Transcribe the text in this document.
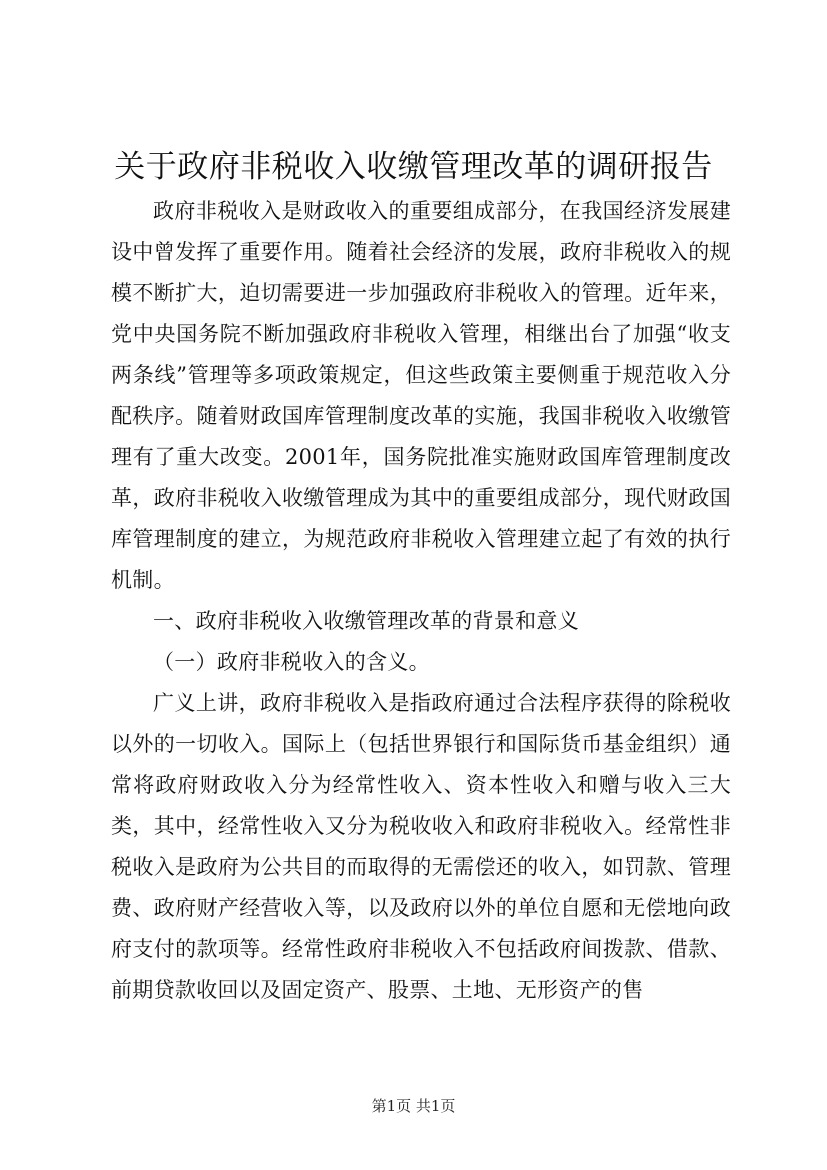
关于政府非税收入收缴管理改革的调研报告

政府非税收入是财政收入的重要组成部分，在我国经济发展建设中曾发挥了重要作用。随着社会经济的发展，政府非税收入的规模不断扩大，迫切需要进一步加强政府非税收入的管理。近年来，党中央国务院不断加强政府非税收入管理，相继出台了加强“收支两条线”管理等多项政策规定，但这些政策主要侧重于规范收入分配秩序。随着财政国库管理制度改革的实施，我国非税收入收缴管理有了重大改变。2001年，国务院批准实施财政国库管理制度改革，政府非税收入收缴管理成为其中的重要组成部分，现代财政国库管理制度的建立，为规范政府非税收入管理建立起了有效的执行机制。

一、政府非税收入收缴管理改革的背景和意义

（一）政府非税收入的含义。

广义上讲，政府非税收入是指政府通过合法程序获得的除税收以外的一切收入。国际上（包括世界银行和国际货币基金组织）通常将政府财政收入分为经常性收入、资本性收入和赠与收入三大类，其中，经常性收入又分为税收收入和政府非税收入。经常性非税收入是政府为公共目的而取得的无需偿还的收入，如罚款、管理费、政府财产经营收入等，以及政府以外的单位自愿和无偿地向政府支付的款项等。经常性政府非税收入不包括政府间拨款、借款、前期贷款收回以及固定资产、股票、土地、无形资产的售

第1页 共1页
